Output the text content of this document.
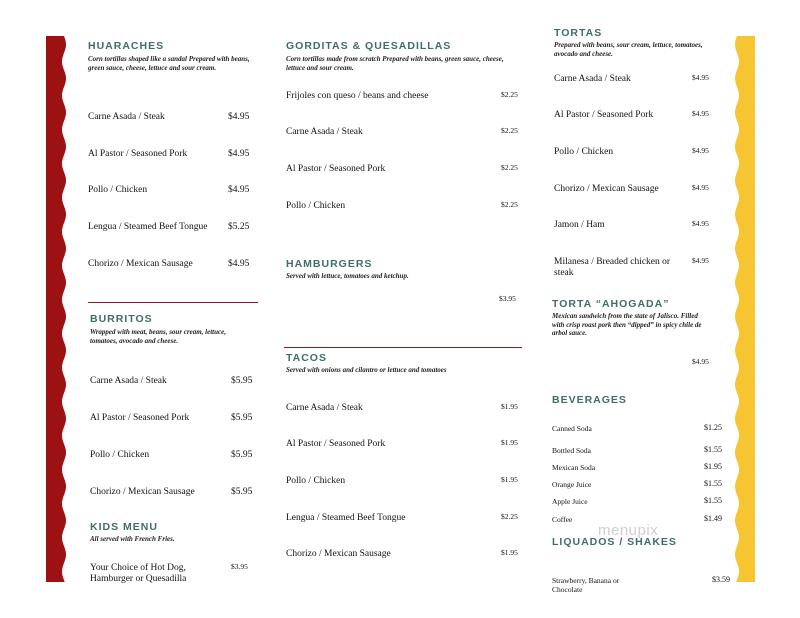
HUARACHES
Corn tortillas shaped like a sandal Prepared with beans, green sauce, cheese, lettuce and sour cream.
Carne Asada / Steak	$4.95
Al Pastor / Seasoned Pork	$4.95
Pollo / Chicken	$4.95
Lengua / Steamed Beef Tongue $5.25
Chorizo / Mexican Sausage	$4.95
BURRITOS
Wrapped with meat, beans, sour cream, lettuce, tomatoes, avocado and cheese.
Carne Asada / Steak	$5.95
Al Pastor / Seasoned Pork	$5.95
Pollo / Chicken	$5.95
Chorizo / Mexican Sausage	$5.95
KIDS MENU
All served with French Fries.
Your Choice of Hot Dog, Hamburger or Quesadilla
$3.95
GORDITAS & QUESADILLAS
Corn tortillas made from scratch Prepared with beans, green sauce, cheese, lettuce and sour cream.
Frijoles con queso / beans and cheese	$2.25
Carne Asada / Steak	$2.25
Al Pastor / Seasoned Pork	$2.25
Pollo / Chicken	$2.25
HAMBURGERS
Served with lettuce, tomatoes and ketchup.
$3.95
TACOS
Served with onions and cilantro or lettuce and tomatoes
Carne Asada / Steak	$1.95
Al Pastor / Seasoned Pork	$1.95
Pollo / Chicken	$1.95
Lengua / Steamed Beef Tongue	$2.25
Chorizo / Mexican Sausage	$1.95
TORTAS
Prepared with beans, sour cream, lettuce, tomatoes, avocado and cheese.
Carne Asada / Steak	$4.95
Al Pastor / Seasoned Pork	$4.95
Pollo / Chicken	$4.95
Chorizo / Mexican Sausage	$4.95
Jamon / Ham	$4.95
Milanesa / Breaded chicken or steak
$4.95
TORTA “AHOGADA”
Mexican sandwich from the state of Jalisco. Filled with crisp roast pork then “dipped” in spicy chile de arbol sauce.
$4.95
BEVERAGES
Canned Soda	$1.25
Bottled Soda	$1.55
Mexican Soda	$1.95
Orange Juice	$1.55
Apple Juice	$1.55
Coffee	$1.49
menupix
LIQUADOS / SHAKES
Strawberry, Banana or Chocolate
$3.59
